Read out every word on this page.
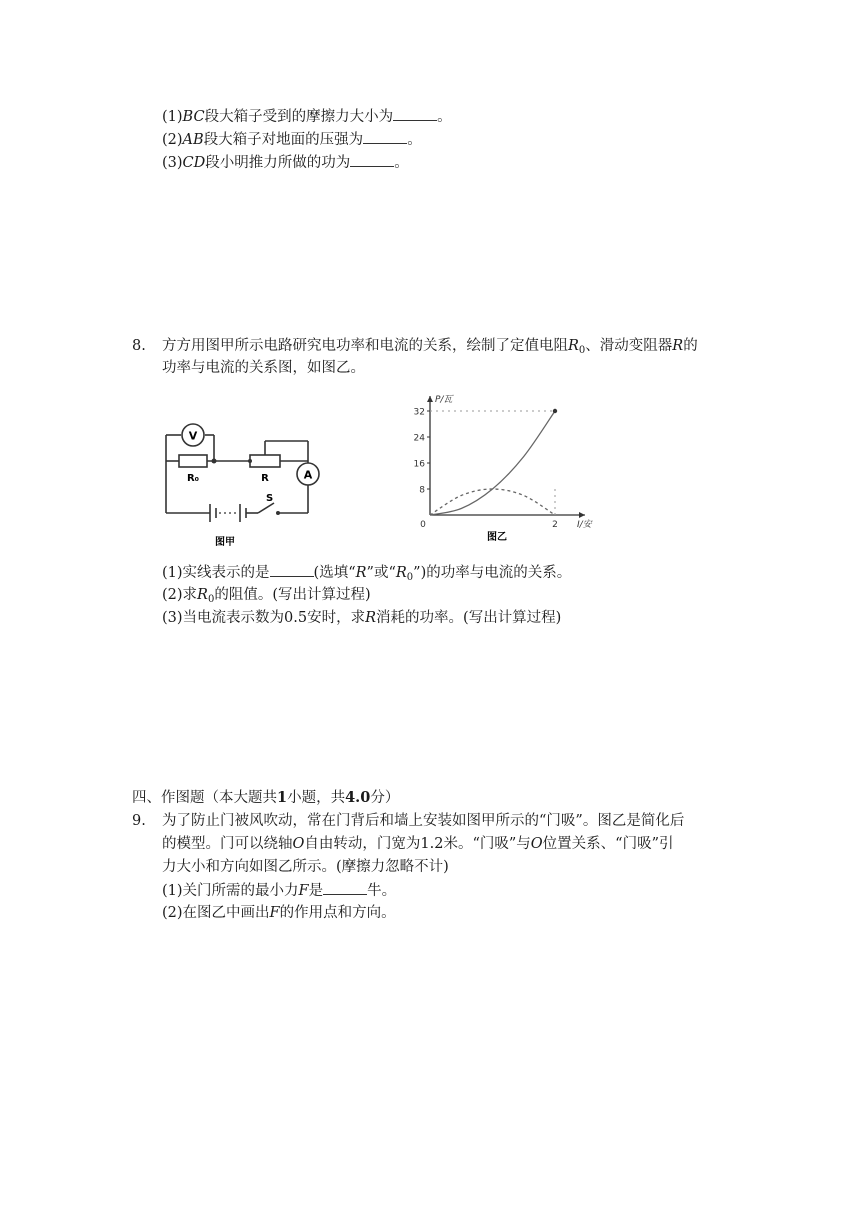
(1)BC段大箱子受到的摩擦力大小为	。
(2)AB段大箱子对地面的压强为	。
(3)CD段小明推力所做的功为	。
8. 方方用图甲所示电路研究电功率和电流的关系，绘制了定值电阻$R_0$、滑动变阻器R的
功率与电流的关系图，如图乙。
V
A
R₀	R
S
图甲
8
16
24
32
0	2 I/安
P/瓦
图乙
(1)实线表示的是	(选填“R”或“$R_0$”)的功率与电流的关系。
(2)求$R_0$的阻值。(写出计算过程)
(3)当电流表示数为0.5安时，求R消耗的功率。(写出计算过程)
四、作图题（本大题共1小题，共4.0分）
9. 为了防止门被风吹动，常在门背后和墙上安装如图甲所示的“门吸”。图乙是简化后
的模型。门可以绕轴O自由转动，门宽为1.2米。“门吸”与O位置关系、“门吸”引
力大小和方向如图乙所示。(摩擦力忽略不计)
(1)关门所需的最小力F是	牛。
(2)在图乙中画出F的作用点和方向。
